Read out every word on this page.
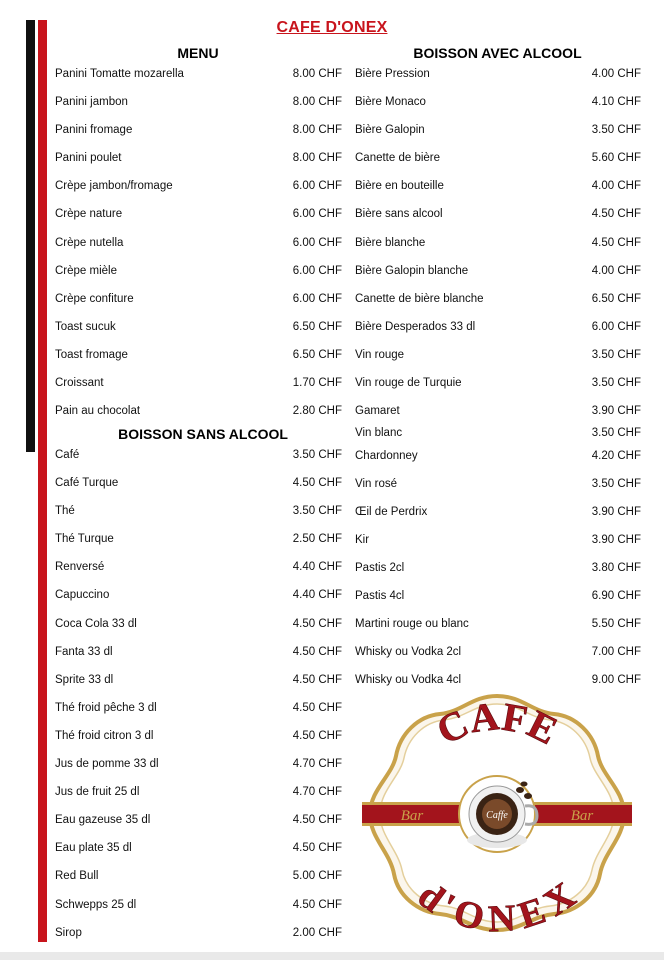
CAFE D'ONEX
MENU	BOISSON AVEC ALCOOL
BOISSON SANS ALCOOL
Panini Tomatte mozarella	8.00 CHF
Panini jambon	8.00 CHF
Panini fromage	8.00 CHF
Panini poulet	8.00 CHF
Crèpe jambon/fromage	6.00 CHF
Crèpe nature	6.00 CHF
Crèpe nutella	6.00 CHF
Crèpe mièle	6.00 CHF
Crèpe confiture	6.00 CHF
Toast sucuk	6.50 CHF
Toast fromage	6.50 CHF
Croissant	1.70 CHF
Pain au chocolat	2.80 CHF
Café	3.50 CHF
Café Turque	4.50 CHF
Thé	3.50 CHF
Thé Turque	2.50 CHF
Renversé	4.40 CHF
Capuccino	4.40 CHF
Coca Cola 33 dl	4.50 CHF
Fanta 33 dl	4.50 CHF
Sprite 33 dl	4.50 CHF
Thé froid pêche 3 dl	4.50 CHF
Thé froid citron 3 dl	4.50 CHF
Jus de pomme 33 dl	4.70 CHF
Jus de fruit 25 dl	4.70 CHF
Eau gazeuse 35 dl	4.50 CHF
Eau plate 35 dl	4.50 CHF
Red Bull	5.00 CHF
Schwepps 25 dl	4.50 CHF
Sirop	2.00 CHF
Bière Pression	4.00 CHF
Bière Monaco	4.10 CHF
Bière Galopin	3.50 CHF
Canette de bière	5.60 CHF
Bière en bouteille	4.00 CHF
Bière sans alcool	4.50 CHF
Bière blanche	4.50 CHF
Bière Galopin blanche	4.00 CHF
Canette de bière blanche	6.50 CHF
Bière Desperados 33 dl	6.00 CHF
Vin rouge	3.50 CHF
Vin rouge de Turquie	3.50 CHF
Gamaret	3.90 CHF
Vin blanc	3.50 CHF
Chardonney	4.20 CHF
Vin rosé	3.50 CHF
Œil de Perdrix	3.90 CHF
Kir	3.90 CHF
Pastis 2cl	3.80 CHF
Pastis 4cl	6.90 CHF
Martini rouge ou blanc	5.50 CHF
Whisky ou Vodka 2cl	7.00 CHF
Whisky ou Vodka 4cl	9.00 CHF
Bar	Bar
Caffe
CAFE
d'ONEX
